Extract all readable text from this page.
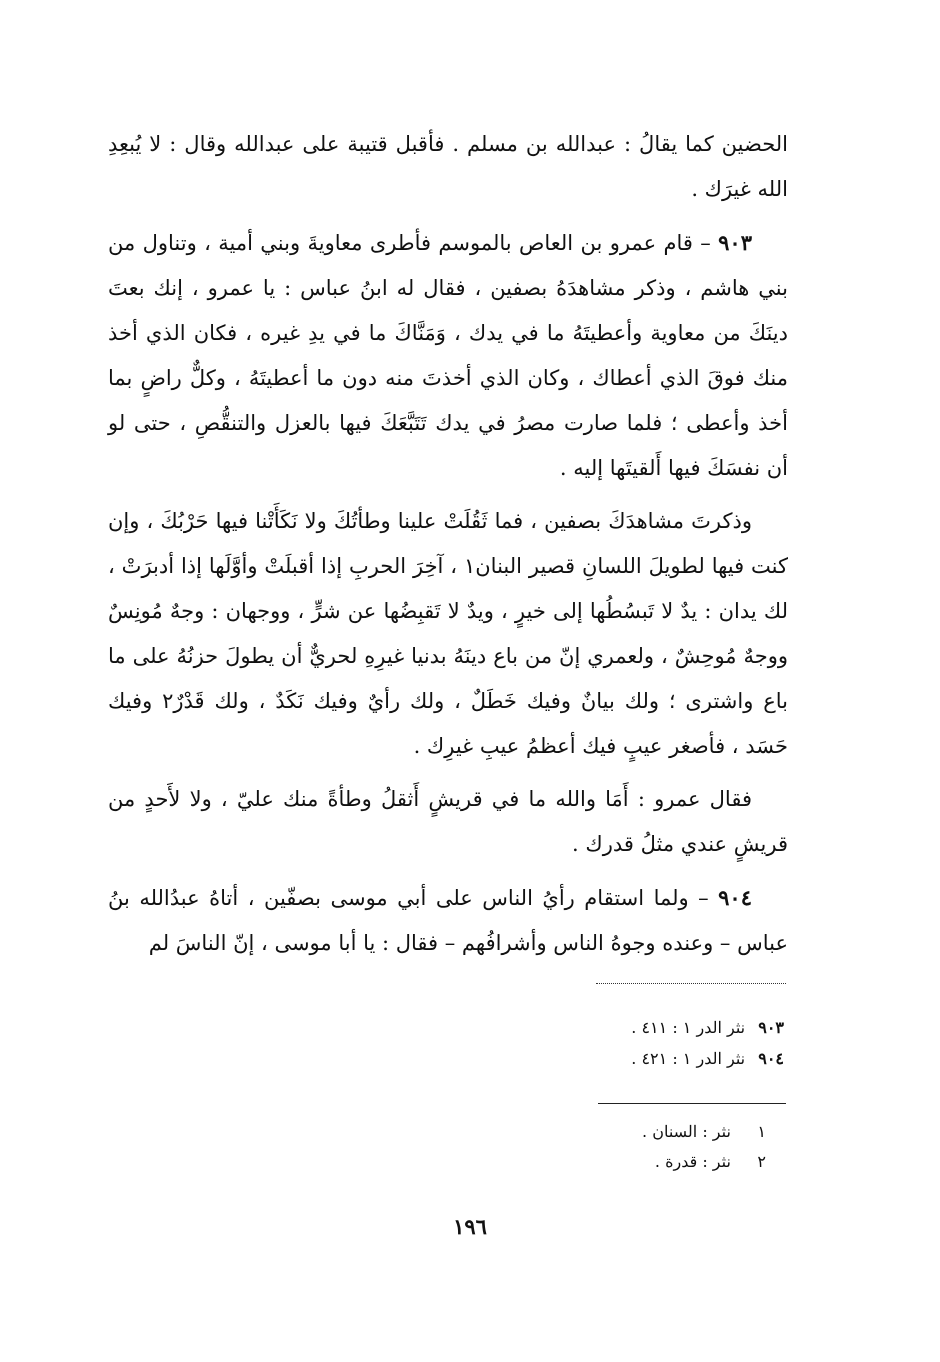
الحضين كما يقالُ : عبدالله بن مسلم . فأقبل قتيبة على عبدالله وقال : لا يُبعِدِ الله غيرَك .

٩٠٣ – قام عمرو بن العاص بالموسم فأطرى معاويةَ وبني أمية ، وتناول من بني هاشم ، وذكر مشاهدَهُ بصفين ، فقال له ابنُ عباس : يا عمرو ، إنك بعتَ دينَكَ من معاوية وأعطيتَهُ ما في يدك ، وَمَنَّاكَ ما في يدِ غيره ، فكان الذي أخذ منك فوقَ الذي أعطاك ، وكان الذي أخذتَ منه دون ما أعطيتَهُ ، وكلٌّ راضٍ بما أخذ وأعطى ؛ فلما صارت مصرُ في يدك تَتَبَّعَكَ فيها بالعزل والتنقُّصِ ، حتى لو أن نفسَكَ فيها أَلقيتَها إليه .

وذكرتَ مشاهدَكَ بصفين ، فما ثَقُلَتْ علينا وطأتُكَ ولا نَكَأَتْنا فيها حَرْبُكَ ، وإن كنت فيها لطويلَ اللسانِ قصير البنان١ ، آخِرَ الحربِ إذا أقبلَتْ وأوَّلَها إذا أدبرَتْ ، لك يدان : يدٌ لا تَبسُطُها إلى خيرٍ ، ويدٌ لا تَقبِضُها عن شرٍّ ، ووجهان : وجهٌ مُونِسٌ ووجهٌ مُوحِشٌ ، ولعمري إنّ من باع دينَهُ بدنيا غيرِهِ لحريٌّ أن يطولَ حزنُهُ على ما باع واشترى ؛ ولك بيانٌ وفيك خَطَلٌ ، ولك رأيٌ وفيك نَكَدٌ ، ولك قَدْرٌ٢ وفيك حَسَد ، فأصغر عيبٍ فيك أعظمُ عيبِ غيرِك .

فقال عمرو : أَمَا والله ما في قريشٍ أَثقلُ وطأةً منك عليّ ، ولا لأَحدٍ من قريشٍ عندي مثلُ قدرك .

٩٠٤ – ولما استقام رأيُ الناس على أبي موسى بصفّين ، أتاهُ عبدُالله بنُ عباس – وعنده وجوهُ الناس وأشرافُهم – فقال : يا أبا موسى ، إنّ الناسَ لم

٩٠٣ نثر الدر ١ : ٤١١ .
٩٠٤ نثر الدر ١ : ٤٢١ .
١ نثر : السنان .
٢ نثر : قدرة .
١٩٦
